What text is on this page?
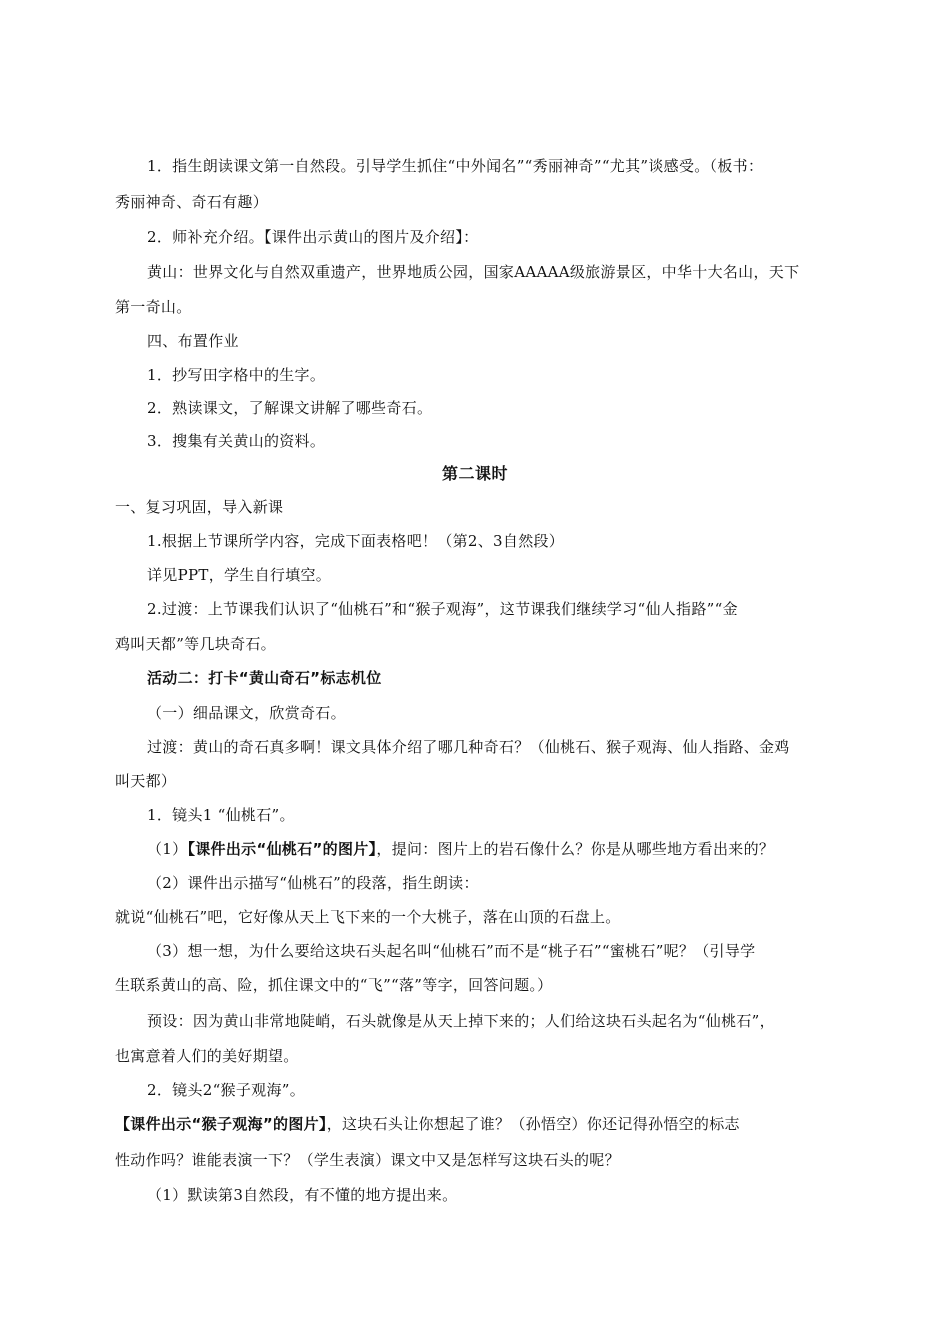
1．指生朗读课文第一自然段。引导学生抓住“中外闻名”“秀丽神奇”“尤其”谈感受。（板书：
秀丽神奇、奇石有趣）
2．师补充介绍。【课件出示黄山的图片及介绍】：
黄山：世界文化与自然双重遗产，世界地质公园，国家AAAAA级旅游景区，中华十大名山，天下
第一奇山。
四、布置作业
1．抄写田字格中的生字。
2．熟读课文，了解课文讲解了哪些奇石。
3．搜集有关黄山的资料。
第二课时
一、复习巩固，导入新课
1.根据上节课所学内容，完成下面表格吧！（第2、3自然段）
详见PPT，学生自行填空。
2.过渡：上节课我们认识了“仙桃石”和“猴子观海”，这节课我们继续学习“仙人指路”“金
鸡叫天都”等几块奇石。
活动二：打卡“黄山奇石”标志机位
（一）细品课文，欣赏奇石。
过渡：黄山的奇石真多啊！课文具体介绍了哪几种奇石？（仙桃石、猴子观海、仙人指路、金鸡
叫天都）
1．镜头1 “仙桃石”。
（1）【课件出示“仙桃石”的图片】，提问：图片上的岩石像什么？你是从哪些地方看出来的？
（2）课件出示描写“仙桃石”的段落，指生朗读：
就说“仙桃石”吧，它好像从天上飞下来的一个大桃子，落在山顶的石盘上。
（3）想一想，为什么要给这块石头起名叫“仙桃石”而不是“桃子石”“蜜桃石”呢？（引导学
生联系黄山的高、险，抓住课文中的“飞”“落”等字，回答问题。）
预设：因为黄山非常地陡峭，石头就像是从天上掉下来的；人们给这块石头起名为“仙桃石”，
也寓意着人们的美好期望。
2．镜头2“猴子观海”。
【课件出示“猴子观海”的图片】，这块石头让你想起了谁？（孙悟空）你还记得孙悟空的标志
性动作吗？谁能表演一下？（学生表演）课文中又是怎样写这块石头的呢？
（1）默读第3自然段，有不懂的地方提出来。
